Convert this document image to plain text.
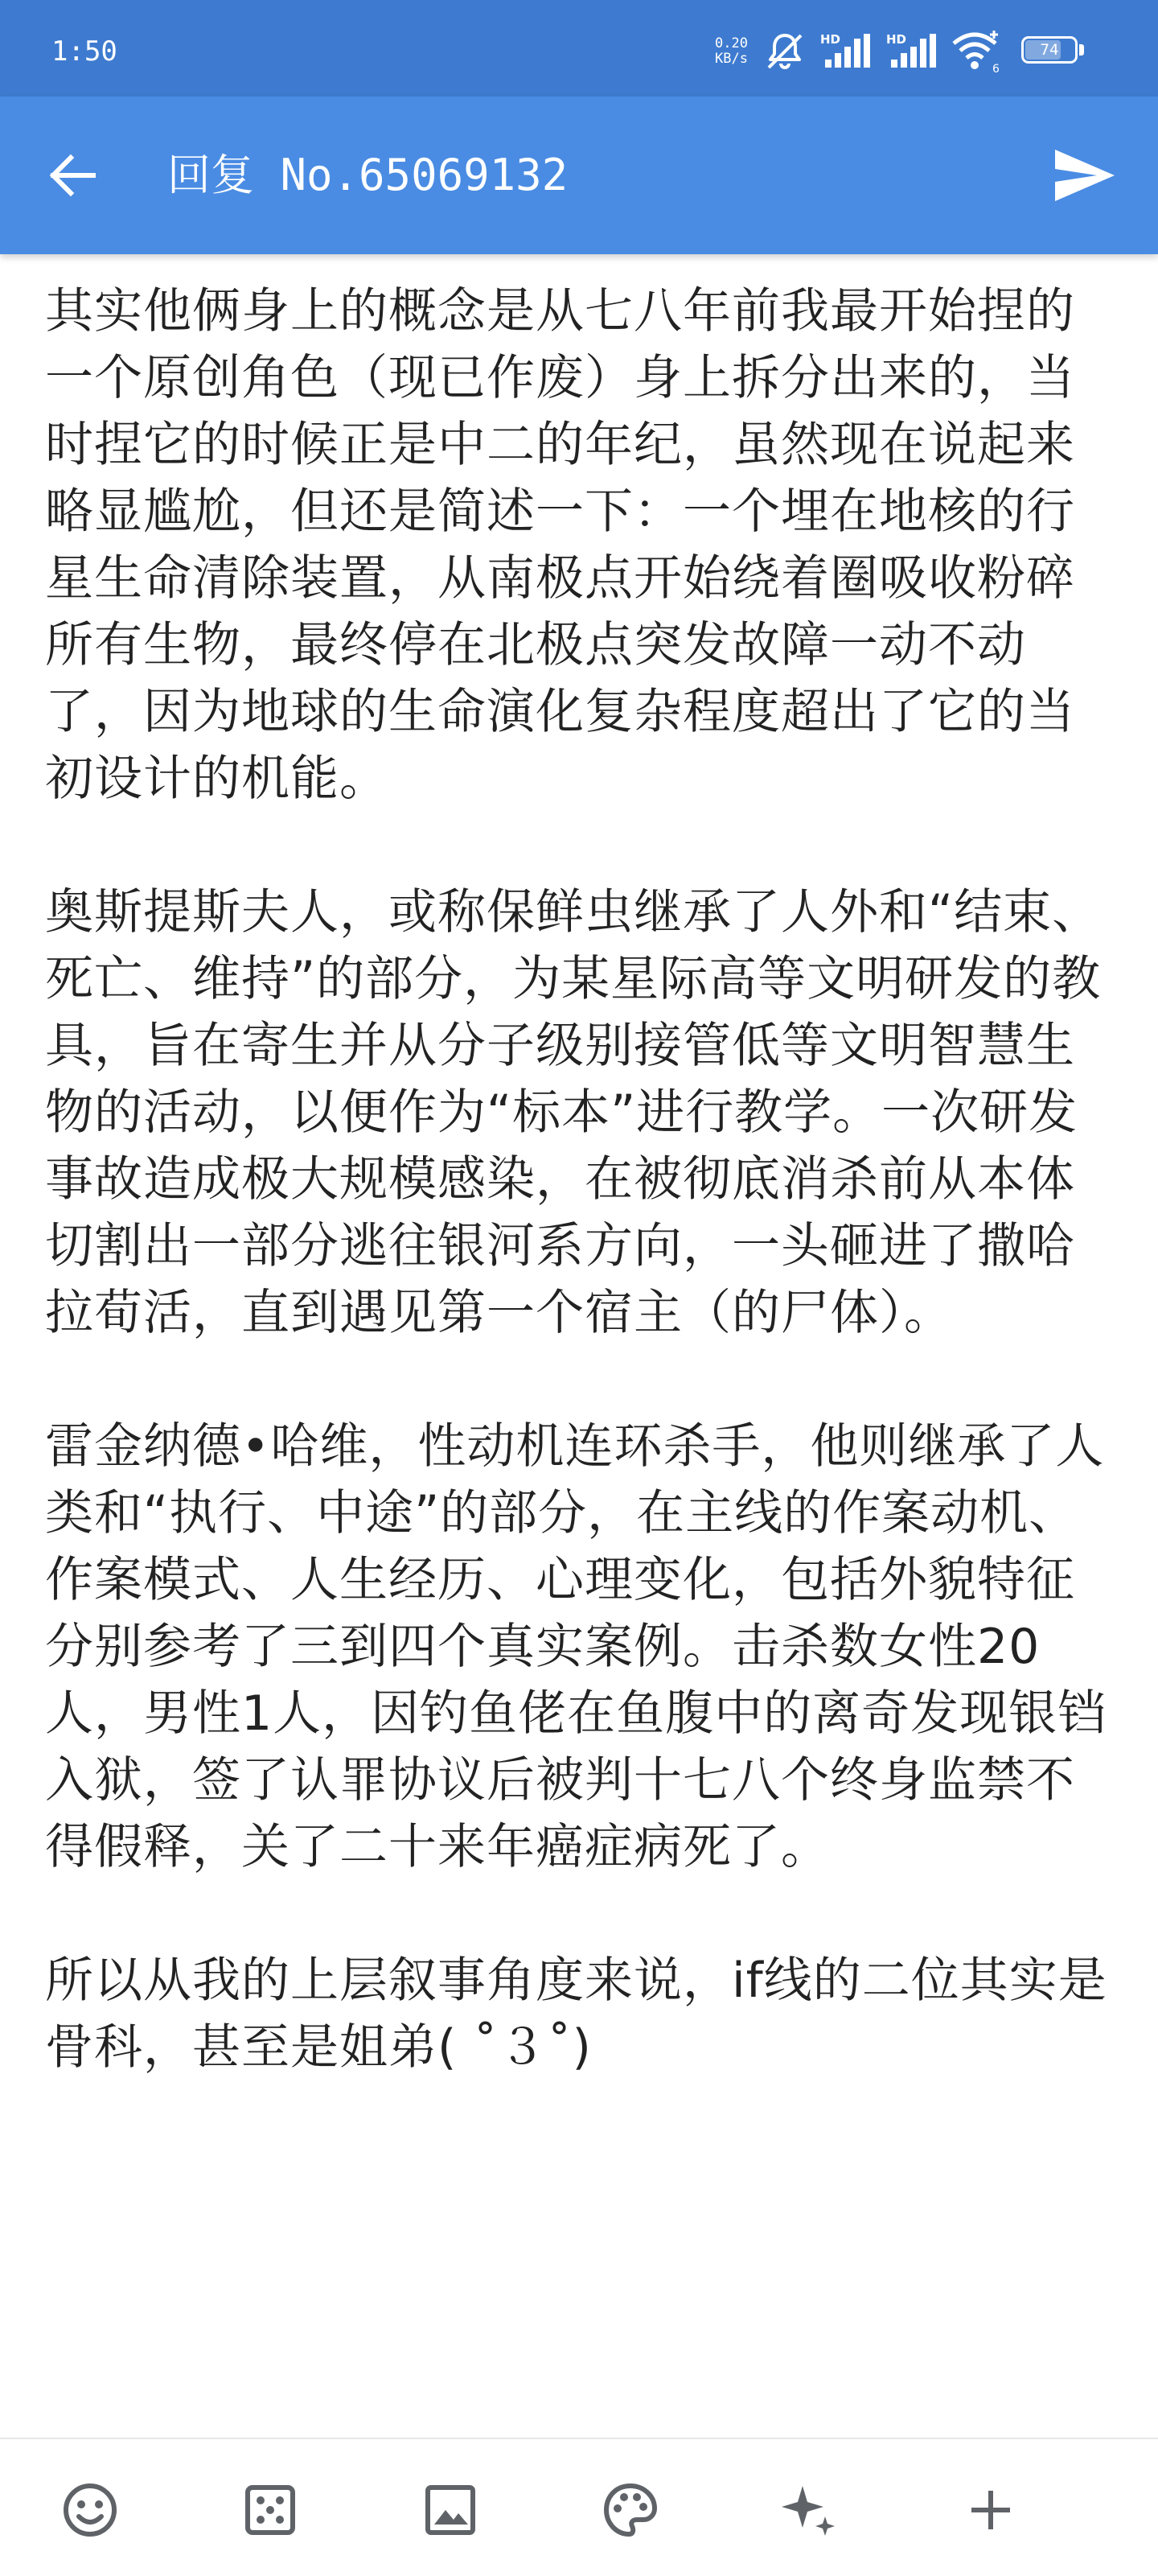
1:50	0.20
KB/s
HD	HD
6
74
回复 No.65069132

其实他俩身上的概念是从七八年前我最开始捏的一个原创角色（现已作废）身上拆分出来的，当时捏它的时候正是中二的年纪，虽然现在说起来略显尴尬，但还是简述一下：一个埋在地核的行星生命清除装置，从南极点开始绕着圈吸收粉碎所有生物，最终停在北极点突发故障一动不动了，因为地球的生命演化复杂程度超出了它的当初设计的机能。

奥斯提斯夫人，或称保鲜虫继承了人外和“结束、死亡、维持”的部分，为某星际高等文明研发的教具，旨在寄生并从分子级别接管低等文明智慧生物的活动，以便作为“标本”进行教学。一次研发事故造成极大规模感染，在被彻底消杀前从本体切割出一部分逃往银河系方向，一头砸进了撒哈拉荀活，直到遇见第一个宿主（的尸体）。

雷金纳德•哈维，性动机连环杀手，他则继承了人类和“执行、中途”的部分，在主线的作案动机、作案模式、人生经历、心理变化，包括外貌特征分别参考了三到四个真实案例。击杀数女性20人，男性1人，因钓鱼佬在鱼腹中的离奇发现银铛入狱，签了认罪协议后被判十七八个终身监禁不得假释，关了二十来年癌症病死了。

所以从我的上层叙事角度来说，if线的二位其实是骨科，甚至是姐弟( ˚３˚)
